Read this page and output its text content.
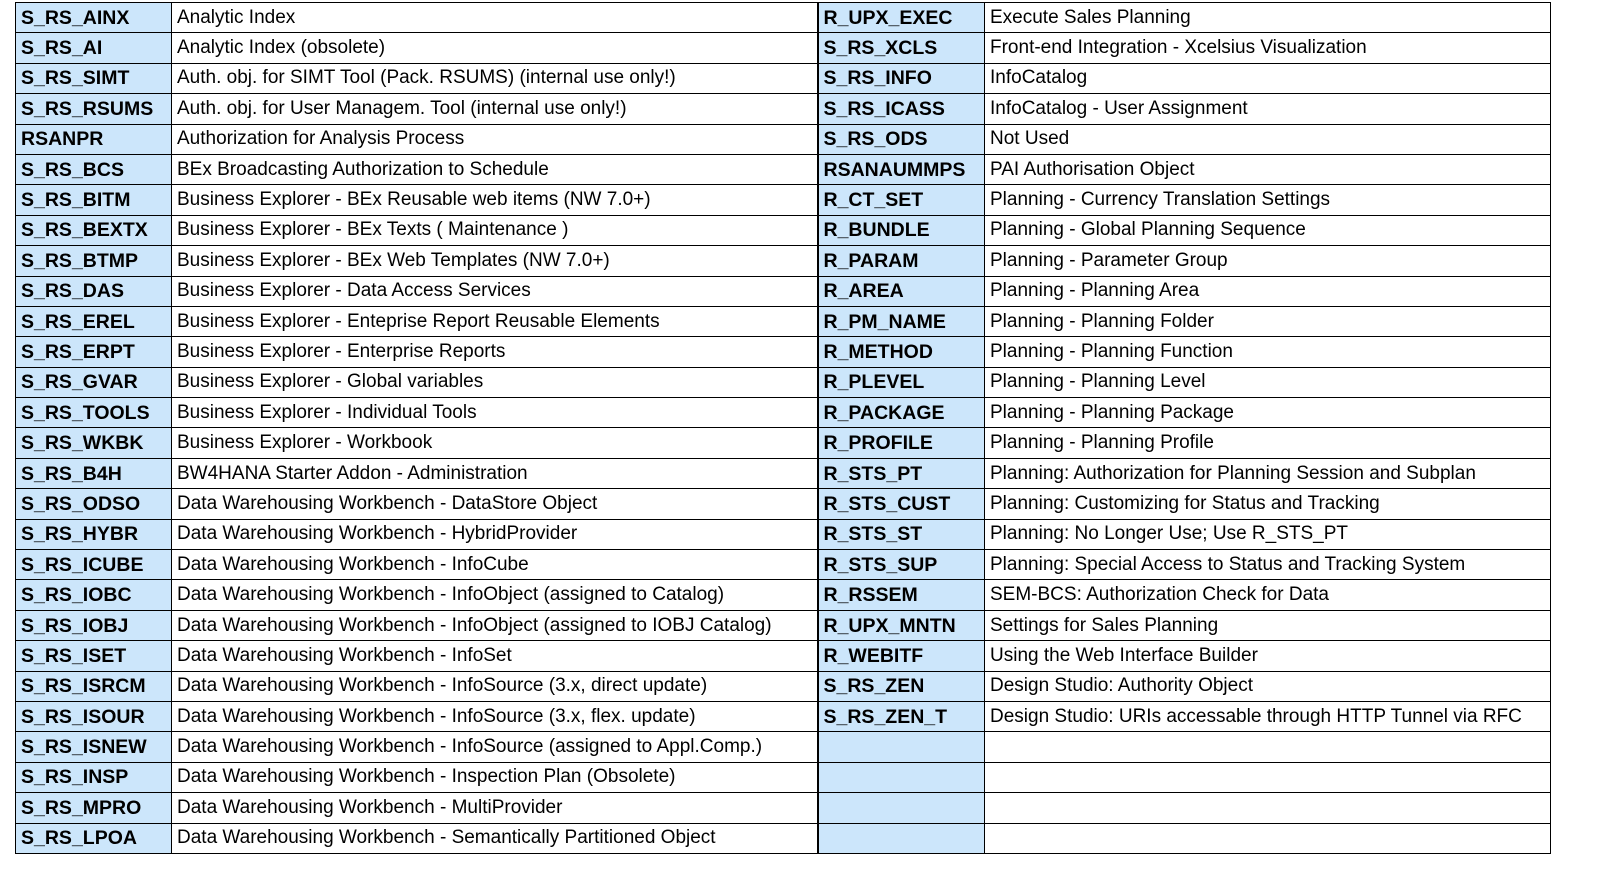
S_RS_AINX	Analytic Index	R_UPX_EXEC	Execute Sales Planning
S_RS_AI	Analytic Index (obsolete)	S_RS_XCLS	Front-end Integration - Xcelsius Visualization
S_RS_SIMT	Auth. obj. for SIMT Tool (Pack. RSUMS) (internal use only!)	S_RS_INFO	InfoCatalog
S_RS_RSUMS	Auth. obj. for User Managem. Tool (internal use only!)	S_RS_ICASS	InfoCatalog - User Assignment
RSANPR	Authorization for Analysis Process	S_RS_ODS	Not Used
S_RS_BCS	BEx Broadcasting Authorization to Schedule	RSANAUMMPS	PAI Authorisation Object
S_RS_BITM	Business Explorer - BEx Reusable web items (NW 7.0+)	R_CT_SET	Planning - Currency Translation Settings
S_RS_BEXTX	Business Explorer - BEx Texts ( Maintenance )	R_BUNDLE	Planning - Global Planning Sequence
S_RS_BTMP	Business Explorer - BEx Web Templates (NW 7.0+)	R_PARAM	Planning - Parameter Group
S_RS_DAS	Business Explorer - Data Access Services	R_AREA	Planning - Planning Area
S_RS_EREL	Business Explorer - Enteprise Report Reusable Elements	R_PM_NAME	Planning - Planning Folder
S_RS_ERPT	Business Explorer - Enterprise Reports	R_METHOD	Planning - Planning Function
S_RS_GVAR	Business Explorer - Global variables	R_PLEVEL	Planning - Planning Level
S_RS_TOOLS	Business Explorer - Individual Tools	R_PACKAGE	Planning - Planning Package
S_RS_WKBK	Business Explorer - Workbook	R_PROFILE	Planning - Planning Profile
S_RS_B4H	BW4HANA Starter Addon - Administration	R_STS_PT	Planning: Authorization for Planning Session and Subplan
S_RS_ODSO	Data Warehousing Workbench - DataStore Object	R_STS_CUST	Planning: Customizing for Status and Tracking
S_RS_HYBR	Data Warehousing Workbench - HybridProvider	R_STS_ST	Planning: No Longer Use; Use R_STS_PT
S_RS_ICUBE	Data Warehousing Workbench - InfoCube	R_STS_SUP	Planning: Special Access to Status and Tracking System
S_RS_IOBC	Data Warehousing Workbench - InfoObject (assigned to Catalog)	R_RSSEM	SEM-BCS: Authorization Check for Data
S_RS_IOBJ	Data Warehousing Workbench - InfoObject (assigned to IOBJ Catalog)	R_UPX_MNTN	Settings for Sales Planning
S_RS_ISET	Data Warehousing Workbench - InfoSet	R_WEBITF	Using the Web Interface Builder
S_RS_ISRCM	Data Warehousing Workbench - InfoSource (3.x, direct update)	S_RS_ZEN	Design Studio: Authority Object
S_RS_ISOUR	Data Warehousing Workbench - InfoSource (3.x, flex. update)	S_RS_ZEN_T	Design Studio: URIs accessable through HTTP Tunnel via RFC
S_RS_ISNEW	Data Warehousing Workbench - InfoSource (assigned to Appl.Comp.)		
S_RS_INSP	Data Warehousing Workbench - Inspection Plan (Obsolete)		
S_RS_MPRO	Data Warehousing Workbench - MultiProvider		
S_RS_LPOA	Data Warehousing Workbench - Semantically Partitioned Object		
